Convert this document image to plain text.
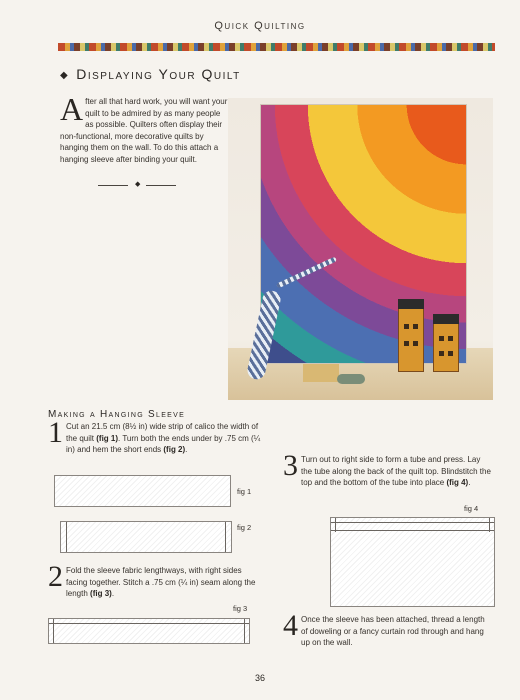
Quick Quilting
◆ Displaying Your Quilt
After all that hard work, you will want your quilt to be admired by as many people as possible. Quilters often display their non-functional, more decorative quilts by hanging them on the wall. To do this attach a hanging sleeve after binding your quilt.
◆
Making a Hanging Sleeve
1 Cut an 21.5 cm (8½ in) wide strip of calico the width of the quilt (fig 1). Turn both the ends under by .75 cm (¼ in) and hem the short ends (fig 2).
fig 1
fig 2
2 Fold the sleeve fabric lengthways, with right sides facing together. Stitch a .75 cm (¼ in) seam along the length (fig 3).
fig 3
3 Turn out to right side to form a tube and press. Lay the tube along the back of the quilt top. Blindstitch the top and the bottom of the tube into place (fig 4).
fig 4
4 Once the sleeve has been attached, thread a length of doweling or a fancy curtain rod through and hang up on the wall.
36
